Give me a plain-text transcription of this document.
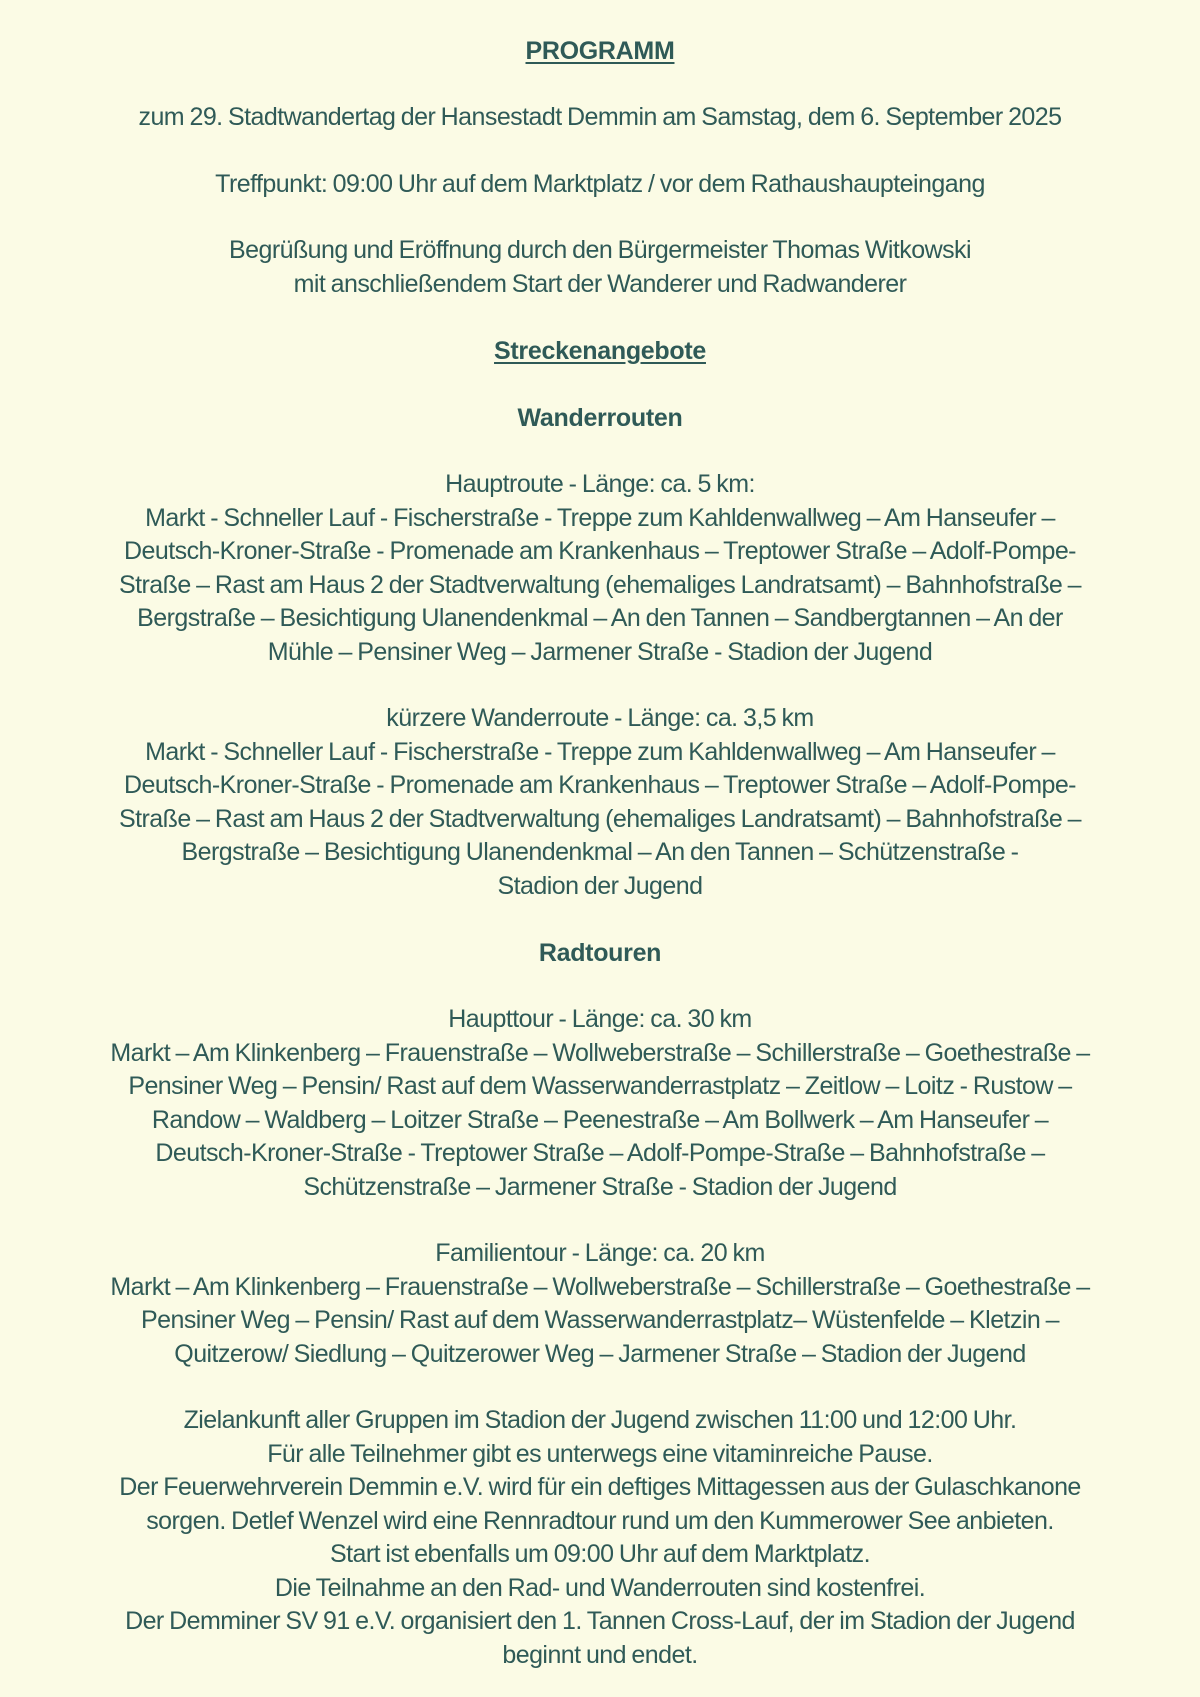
PROGRAMM
zum 29. Stadtwandertag der Hansestadt Demmin am Samstag, dem 6. September 2025
Treffpunkt: 09:00 Uhr auf dem Marktplatz / vor dem Rathaushaupteingang
Begrüßung und Eröffnung durch den Bürgermeister Thomas Witkowski
mit anschließendem Start der Wanderer und Radwanderer
Streckenangebote
Wanderrouten
Hauptroute - Länge: ca. 5 km:
Markt - Schneller Lauf - Fischerstraße - Treppe zum Kahldenwallweg – Am Hanseufer –
Deutsch-Kroner-Straße - Promenade am Krankenhaus – Treptower Straße – Adolf-Pompe-
Straße – Rast am Haus 2 der Stadtverwaltung (ehemaliges Landratsamt) – Bahnhofstraße –
Bergstraße – Besichtigung Ulanendenkmal – An den Tannen – Sandbergtannen – An der
Mühle – Pensiner Weg – Jarmener Straße - Stadion der Jugend
kürzere Wanderroute - Länge: ca. 3,5 km
Markt - Schneller Lauf - Fischerstraße - Treppe zum Kahldenwallweg – Am Hanseufer –
Deutsch-Kroner-Straße - Promenade am Krankenhaus – Treptower Straße – Adolf-Pompe-
Straße – Rast am Haus 2 der Stadtverwaltung (ehemaliges Landratsamt) – Bahnhofstraße –
Bergstraße – Besichtigung Ulanendenkmal – An den Tannen – Schützenstraße -
Stadion der Jugend
Radtouren
Haupttour - Länge: ca. 30 km
Markt – Am Klinkenberg – Frauenstraße – Wollweberstraße – Schillerstraße – Goethestraße –
Pensiner Weg – Pensin/ Rast auf dem Wasserwanderrastplatz – Zeitlow – Loitz - Rustow –
Randow – Waldberg – Loitzer Straße – Peenestraße – Am Bollwerk – Am Hanseufer –
Deutsch-Kroner-Straße - Treptower Straße – Adolf-Pompe-Straße – Bahnhofstraße –
Schützenstraße – Jarmener Straße - Stadion der Jugend
Familientour - Länge: ca. 20 km
Markt – Am Klinkenberg – Frauenstraße – Wollweberstraße – Schillerstraße – Goethestraße –
Pensiner Weg – Pensin/ Rast auf dem Wasserwanderrastplatz– Wüstenfelde – Kletzin –
Quitzerow/ Siedlung – Quitzerower Weg – Jarmener Straße – Stadion der Jugend
Zielankunft aller Gruppen im Stadion der Jugend zwischen 11:00 und 12:00 Uhr.
Für alle Teilnehmer gibt es unterwegs eine vitaminreiche Pause.
Der Feuerwehrverein Demmin e.V. wird für ein deftiges Mittagessen aus der Gulaschkanone
sorgen. Detlef Wenzel wird eine Rennradtour rund um den Kummerower See anbieten.
Start ist ebenfalls um 09:00 Uhr auf dem Marktplatz.
Die Teilnahme an den Rad- und Wanderrouten sind kostenfrei.
Der Demminer SV 91 e.V. organisiert den 1. Tannen Cross-Lauf, der im Stadion der Jugend
beginnt und endet.
